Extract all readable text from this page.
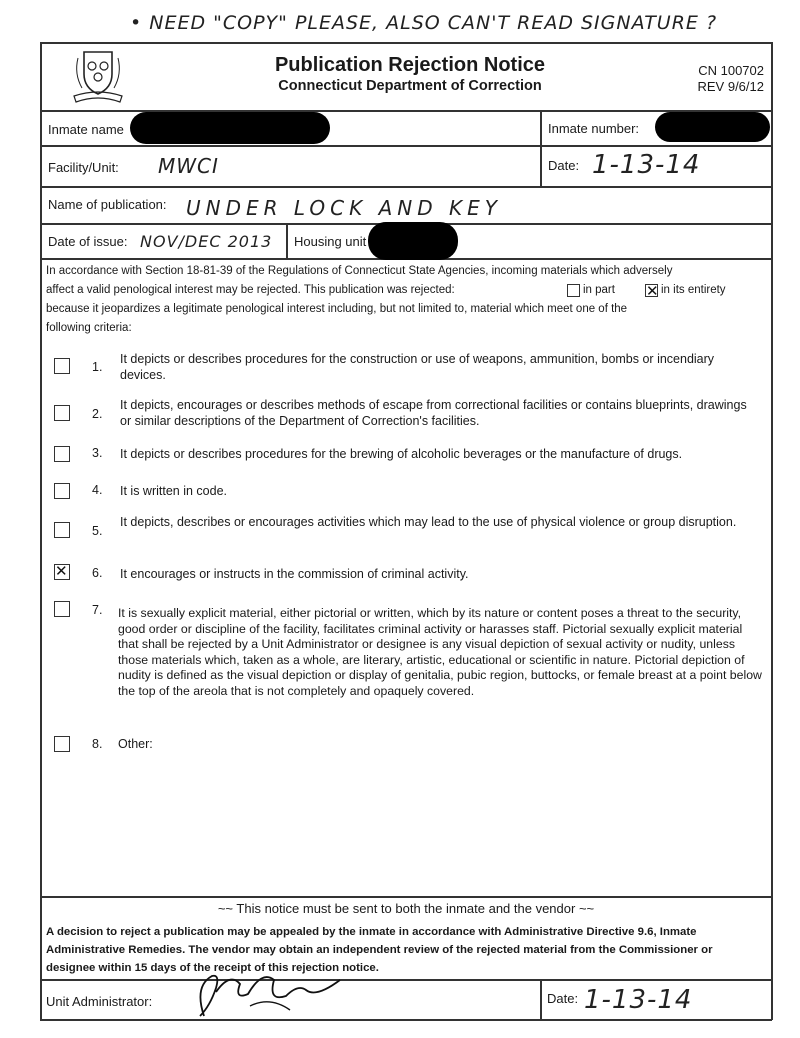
• NEED "COPY" PLEASE, ALSO CAN'T READ SIGNATURE ?
Publication Rejection Notice
Connecticut Department of Correction
CN 100702
REV 9/6/12
Inmate name	Inmate number:
Facility/Unit: MWCI	Date: 1-13-14
Name of publication: UNDER LOCK AND KEY
Date of issue: NOV/DEC 2013 Housing unit
In accordance with Section 18-81-39 of the Regulations of Connecticut State Agencies, incoming materials which adversely
affect a valid penological interest may be rejected. This publication was rejected:	in part
✕	in its entirety
because it jeopardizes a legitimate penological interest including, but not limited to, material which meet one of the
following criteria:
1.
It depicts or describes procedures for the construction or use of weapons, ammunition, bombs or incendiary devices.
2.
It depicts, encourages or describes methods of escape from correctional facilities or contains blueprints, drawings or similar descriptions of the Department of Correction's facilities.
3. It depicts or describes procedures for the brewing of alcoholic beverages or the manufacture of drugs.
4. It is written in code.
5.
It depicts, describes or encourages activities which may lead to the use of physical violence or group disruption.
✕
6. It encourages or instructs in the commission of criminal activity.
7. It is sexually explicit material, either pictorial or written, which by its nature or content poses a threat to the security, good order or discipline of the facility, facilitates criminal activity or harasses staff. Pictorial sexually explicit material that shall be rejected by a Unit Administrator or designee is any visual depiction of sexual activity or nudity, unless those materials which, taken as a whole, are literary, artistic, educational or scientific in nature. Pictorial depiction of nudity is defined as the visual depiction or display of genitalia, pubic region, buttocks, or female breast at a point below the top of the areola that is not completely and opaquely covered.
8. Other:
~~ This notice must be sent to both the inmate and the vendor ~~
A decision to reject a publication may be appealed by the inmate in accordance with Administrative Directive 9.6, Inmate Administrative Remedies. The vendor may obtain an independent review of the rejected material from the Commissioner or designee within 15 days of the receipt of this rejection notice.
Unit Administrator:	Date: 1-13-14
